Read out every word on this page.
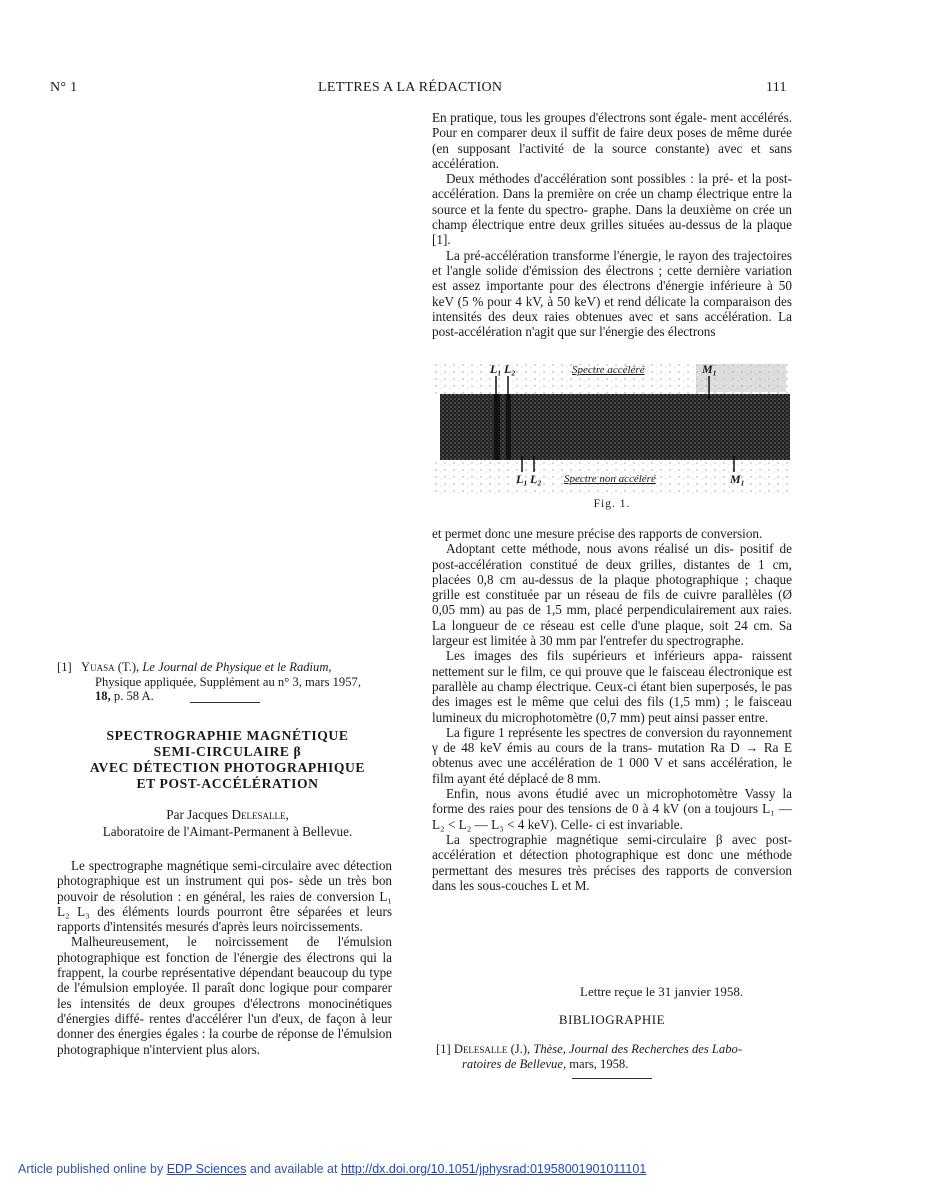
N° 1	LETTRES A LA RÉDACTION	111
[1] Yuasa (T.), Le Journal de Physique et le Radium,
Physique appliquée, Supplément au n° 3, mars 1957,
18, p. 58 A.
SPECTROGRAPHIE MAGNÉTIQUE
SEMI-CIRCULAIRE β
AVEC DÉTECTION PHOTOGRAPHIQUE
ET POST-ACCÉLÉRATION
Par Jacques Delesalle,
Laboratoire de l'Aimant-Permanent à Bellevue.

Le spectrographe magnétique semi-circulaire avec détection photographique est un instrument qui pos- sède un très bon pouvoir de résolution : en général, les raies de conversion L₁ L₂ L₃ des éléments lourds pourront être séparées et leurs rapports d'intensités mesurés d'après leurs noircissements.

Malheureusement, le noircissement de l'émulsion photographique est fonction de l'énergie des électrons qui la frappent, la courbe représentative dépendant beaucoup du type de l'émulsion employée. Il paraît donc logique pour comparer les intensités de deux groupes d'électrons monocinétiques d'énergies diffé- rentes d'accélérer l'un d'eux, de façon à leur donner des énergies égales : la courbe de réponse de l'émulsion photographique n'intervient plus alors.

En pratique, tous les groupes d'électrons sont égale- ment accélérés. Pour en comparer deux il suffit de faire deux poses de même durée (en supposant l'activité de la source constante) avec et sans accélération.

Deux méthodes d'accélération sont possibles : la pré- et la post-accélération. Dans la première on crée un champ électrique entre la source et la fente du spectro- graphe. Dans la deuxième on crée un champ électrique entre deux grilles situées au-dessus de la plaque [1].

La pré-accélération transforme l'énergie, le rayon des trajectoires et l'angle solide d'émission des électrons ; cette dernière variation est assez importante pour des électrons d'énergie inférieure à 50 keV (5 % pour 4 kV, à 50 keV) et rend délicate la comparaison des intensités des deux raies obtenues avec et sans accélération. La post-accélération n'agit que sur l'énergie des électrons

L₁ L₂	Spectre accéléré	M₁
L₁ L₂ Spectre non accéléré	M₁
Fig. 1.

et permet donc une mesure précise des rapports de conversion.

Adoptant cette méthode, nous avons réalisé un dis- positif de post-accélération constitué de deux grilles, distantes de 1 cm, placées 0,8 cm au-dessus de la plaque photographique ; chaque grille est constituée par un réseau de fils de cuivre parallèles (Ø 0,05 mm) au pas de 1,5 mm, placé perpendiculairement aux raies. La longueur de ce réseau est celle d'une plaque, soit 24 cm. Sa largeur est limitée à 30 mm par l'entrefer du spectrographe.

Les images des fils supérieurs et inférieurs appa- raissent nettement sur le film, ce qui prouve que le faisceau électronique est parallèle au champ électrique. Ceux-ci étant bien superposés, le pas des images est le même que celui des fils (1,5 mm) ; le faisceau lumineux du microphotomètre (0,7 mm) peut ainsi passer entre.

La figure 1 représente les spectres de conversion du rayonnement γ de 48 keV émis au cours de la trans- mutation Ra D → Ra E obtenus avec une accélération de 1 000 V et sans accélération, le film ayant été déplacé de 8 mm.

Enfin, nous avons étudié avec un microphotomètre Vassy la forme des raies pour des tensions de 0 à 4 kV (on a toujours L₁ — L₂ < L₂ — L₃ < 4 keV). Celle- ci est invariable.

La spectrographie magnétique semi-circulaire β avec post-accélération et détection photographique est donc une méthode permettant des mesures très précises des rapports de conversion dans les sous-couches L et M.

Lettre reçue le 31 janvier 1958.
BIBLIOGRAPHIE
[1] Delesalle (J.), Thèse, Journal des Recherches des Labo-
ratoires de Bellevue, mars, 1958.
Article published online by EDP Sciences and available at http://dx.doi.org/10.1051/jphysrad:01958001901011101
